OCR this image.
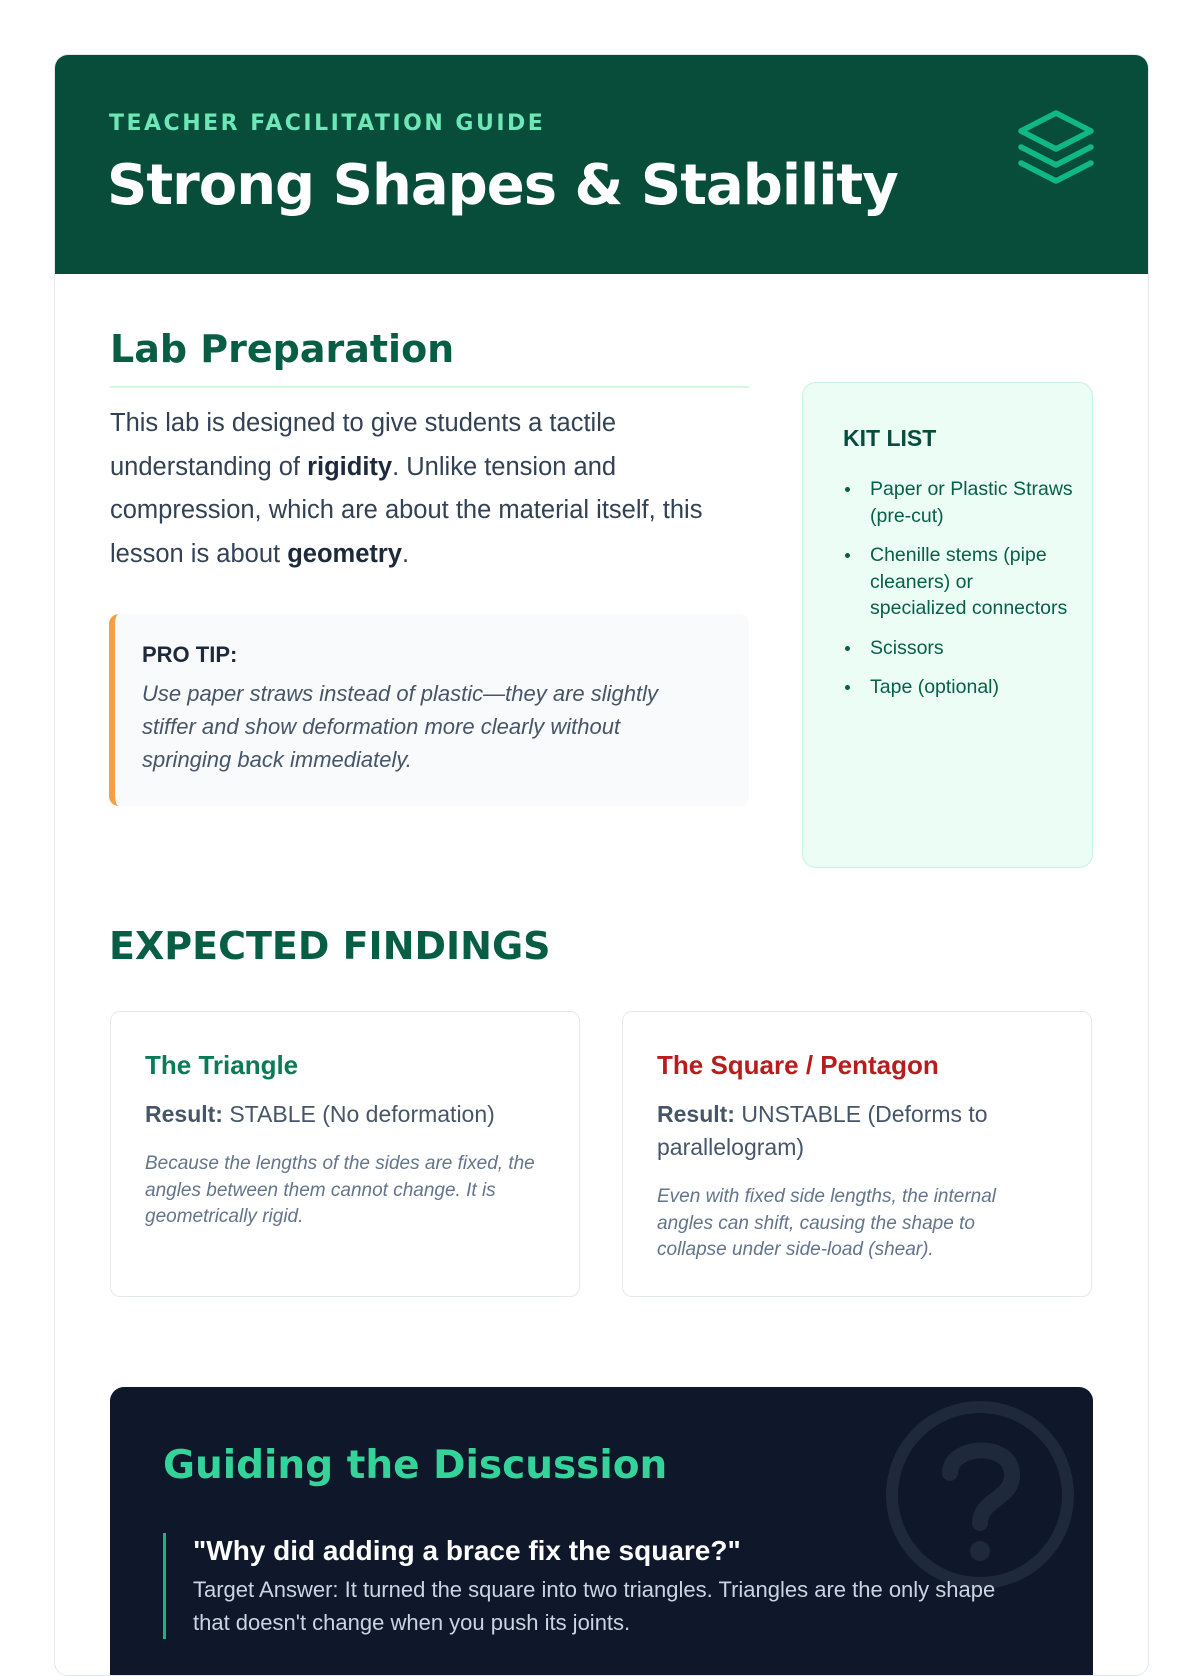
TEACHER FACILITATION GUIDE
Strong Shapes & Stability
Lab Preparation
This lab is designed to give students a tactile understanding of rigidity. Unlike tension and compression, which are about the material itself, this lesson is about geometry.
PRO TIP:
Use paper straws instead of plastic—they are slightly stiffer and show deformation more clearly without springing back immediately.
KIT LIST
Paper or Plastic Straws (pre-cut)
Chenille stems (pipe cleaners) or specialized connectors
Scissors
Tape (optional)
EXPECTED FINDINGS
The Triangle
Result: STABLE (No deformation)
Because the lengths of the sides are fixed, the angles between them cannot change. It is geometrically rigid.
The Square / Pentagon
Result: UNSTABLE (Deforms to parallelogram)
Even with fixed side lengths, the internal angles can shift, causing the shape to collapse under side-load (shear).
Guiding the Discussion
"Why did adding a brace fix the square?"
Target Answer: It turned the square into two triangles. Triangles are the only shape that doesn't change when you push its joints.
